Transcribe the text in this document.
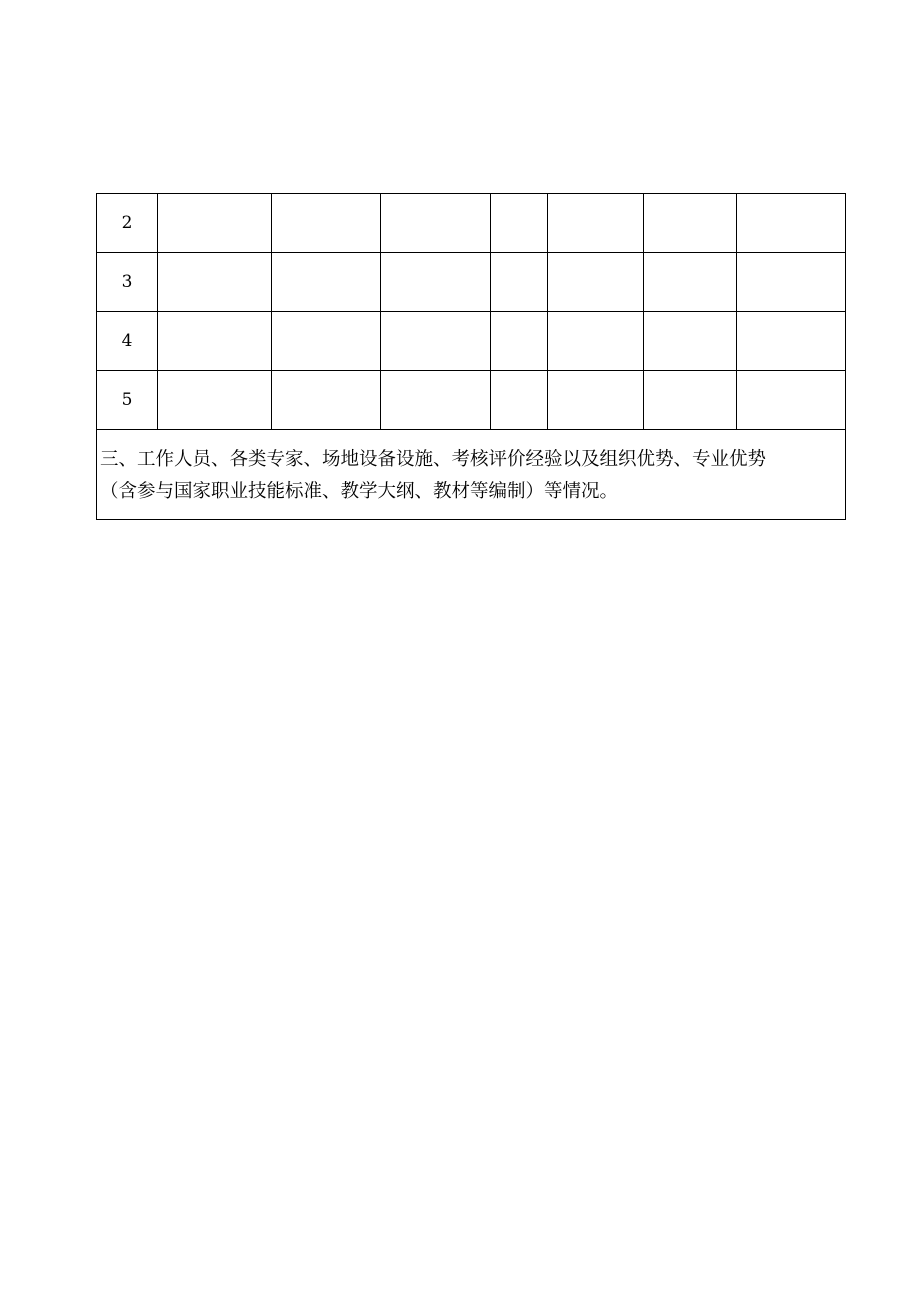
2							
3							
4							
5							

三、工作人员、各类专家、场地设备设施、考核评价经验以及组织优势、专业优势
（含参与国家职业技能标准、教学大纲、教材等编制）等情况。							
